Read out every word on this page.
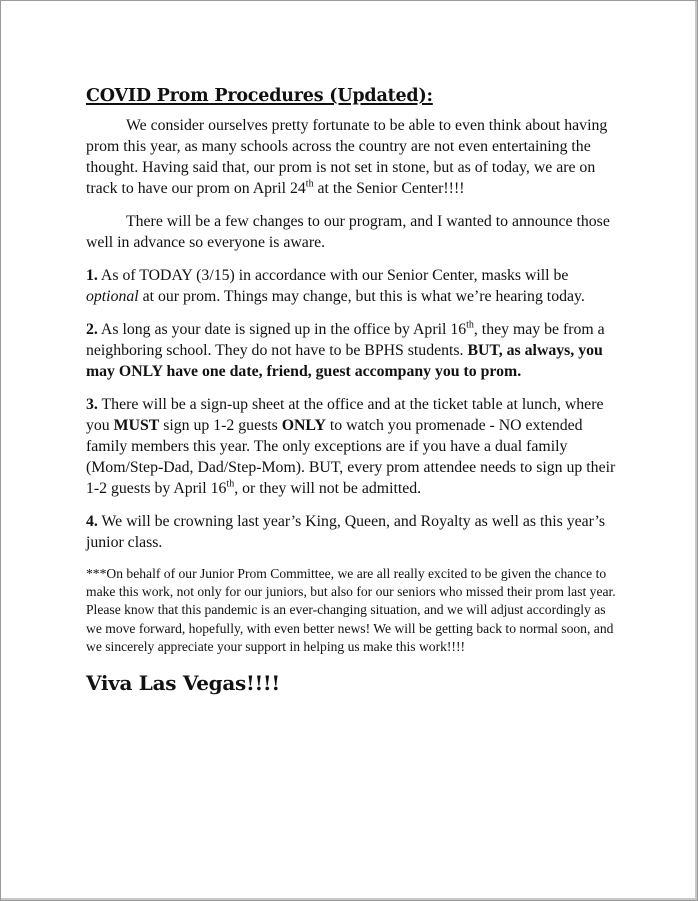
COVID Prom Procedures (Updated):

We consider ourselves pretty fortunate to be able to even think about having prom this year, as many schools across the country are not even entertaining the thought. Having said that, our prom is not set in stone, but as of today, we are on track to have our prom on April 24th at the Senior Center!!!!

There will be a few changes to our program, and I wanted to announce those well in advance so everyone is aware.

1. As of TODAY (3/15) in accordance with our Senior Center, masks will be optional at our prom. Things may change, but this is what we’re hearing today.

2. As long as your date is signed up in the office by April 16th, they may be from a neighboring school. They do not have to be BPHS students. BUT, as always, you may ONLY have one date, friend, guest accompany you to prom.

3. There will be a sign-up sheet at the office and at the ticket table at lunch, where you MUST sign up 1-2 guests ONLY to watch you promenade - NO extended family members this year. The only exceptions are if you have a dual family (Mom/Step-Dad, Dad/Step-Mom). BUT, every prom attendee needs to sign up their 1-2 guests by April 16th, or they will not be admitted.

4. We will be crowning last year’s King, Queen, and Royalty as well as this year’s junior class.

***On behalf of our Junior Prom Committee, we are all really excited to be given the chance to make this work, not only for our juniors, but also for our seniors who missed their prom last year. Please know that this pandemic is an ever-changing situation, and we will adjust accordingly as we move forward, hopefully, with even better news! We will be getting back to normal soon, and we sincerely appreciate your support in helping us make this work!!!!

Viva Las Vegas!!!!
